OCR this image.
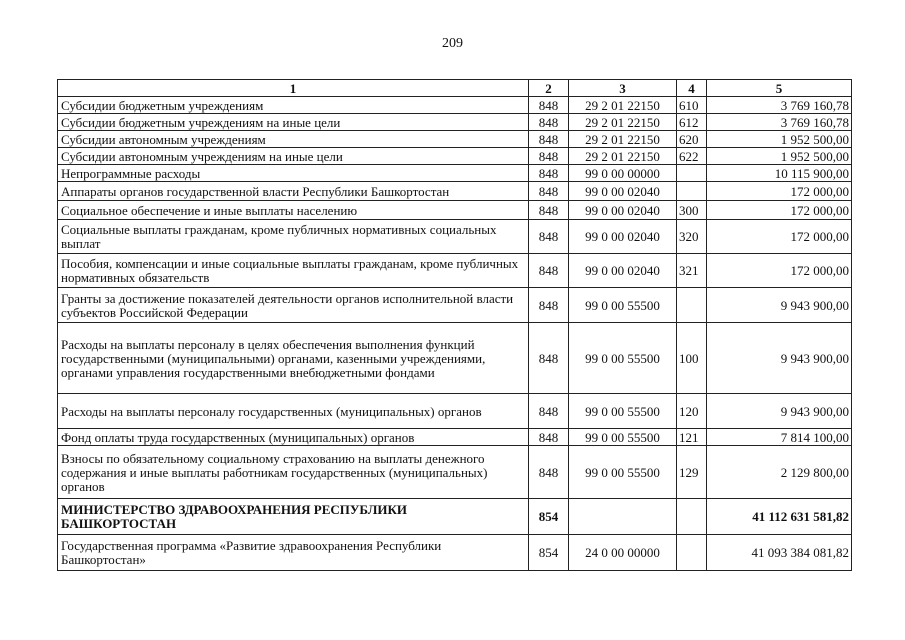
209
1	2	3	4	5
Субсидии бюджетным учреждениям	848	29 2 01 22150	610	3 769 160,78
Субсидии бюджетным учреждениям на иные цели	848	29 2 01 22150	612	3 769 160,78
Субсидии автономным учреждениям	848	29 2 01 22150	620	1 952 500,00
Субсидии автономным учреждениям на иные цели	848	29 2 01 22150	622	1 952 500,00
Непрограммные расходы	848	99 0 00 00000		10 115 900,00
Аппараты органов государственной власти Республики Башкортостан	848	99 0 00 02040		172 000,00
Социальное обеспечение и иные выплаты населению	848	99 0 00 02040	300	172 000,00
Социальные выплаты гражданам, кроме публичных нормативных социальных выплат	848	99 0 00 02040	320	172 000,00
Пособия, компенсации и иные социальные выплаты гражданам, кроме публичных нормативных обязательств	848	99 0 00 02040	321	172 000,00
Гранты за достижение показателей деятельности органов исполнительной власти субъектов Российской Федерации	848	99 0 00 55500		9 943 900,00
Расходы на выплаты персоналу в целях обеспечения выполнения функций государственными (муниципальными) органами, казенными учреждениями, органами управления государственными внебюджетными фондами	848	99 0 00 55500	100	9 943 900,00
Расходы на выплаты персоналу государственных (муниципальных) органов	848	99 0 00 55500	120	9 943 900,00
Фонд оплаты труда государственных (муниципальных) органов	848	99 0 00 55500	121	7 814 100,00
Взносы по обязательному социальному страхованию на выплаты денежного содержания и иные выплаты работникам государственных (муниципальных) органов	848	99 0 00 55500	129	2 129 800,00
МИНИСТЕРСТВО ЗДРАВООХРАНЕНИЯ РЕСПУБЛИКИ БАШКОРТОСТАН	854			41 112 631 581,82
Государственная программа «Развитие здравоохранения Республики Башкортостан»	854	24 0 00 00000		41 093 384 081,82
